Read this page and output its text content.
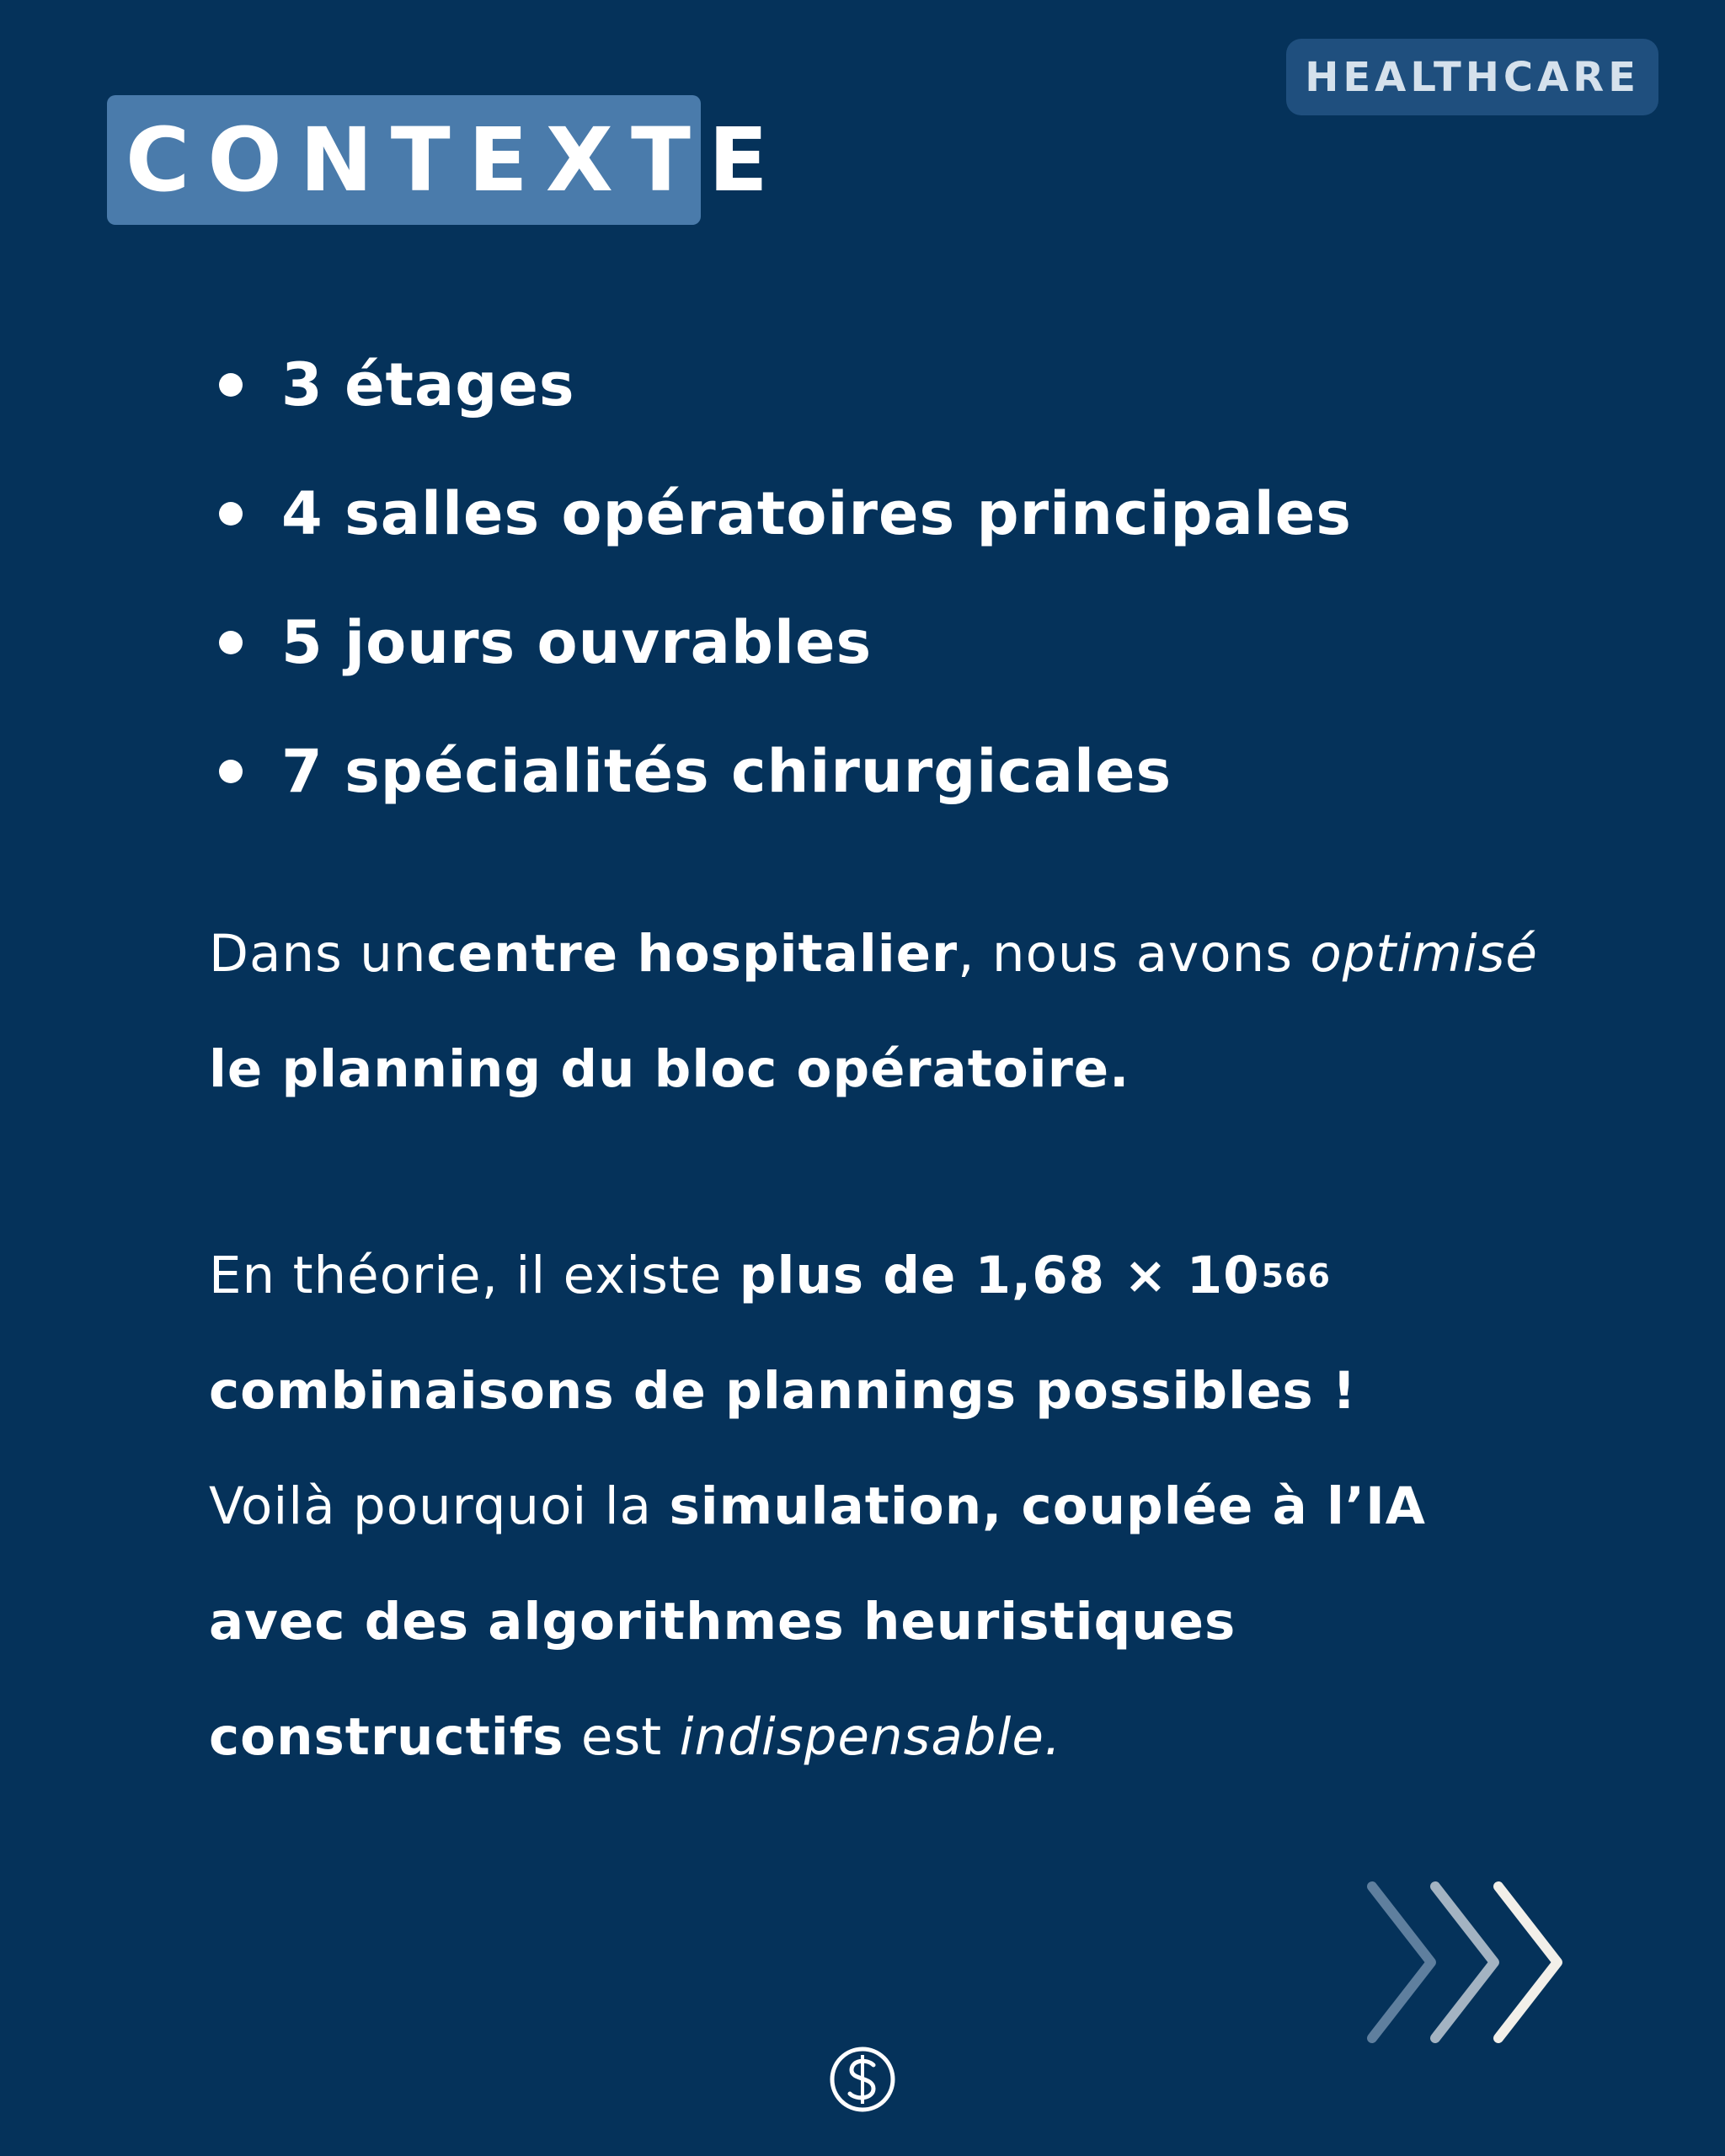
HEALTHCARE
CONTEXTE
3 étages
4 salles opératoires principales
5 jours ouvrables
7 spécialités chirurgicales
Dans un centre hospitalier , nous avons optimisé
le planning du bloc opératoire.
En théorie, il existe plus de 1,68 × 10 566
combinaisons de plannings possibles !
Voilà pourquoi la simulation, couplée à l’IA
avec des algorithmes heuristiques
constructifs est indispensable.
